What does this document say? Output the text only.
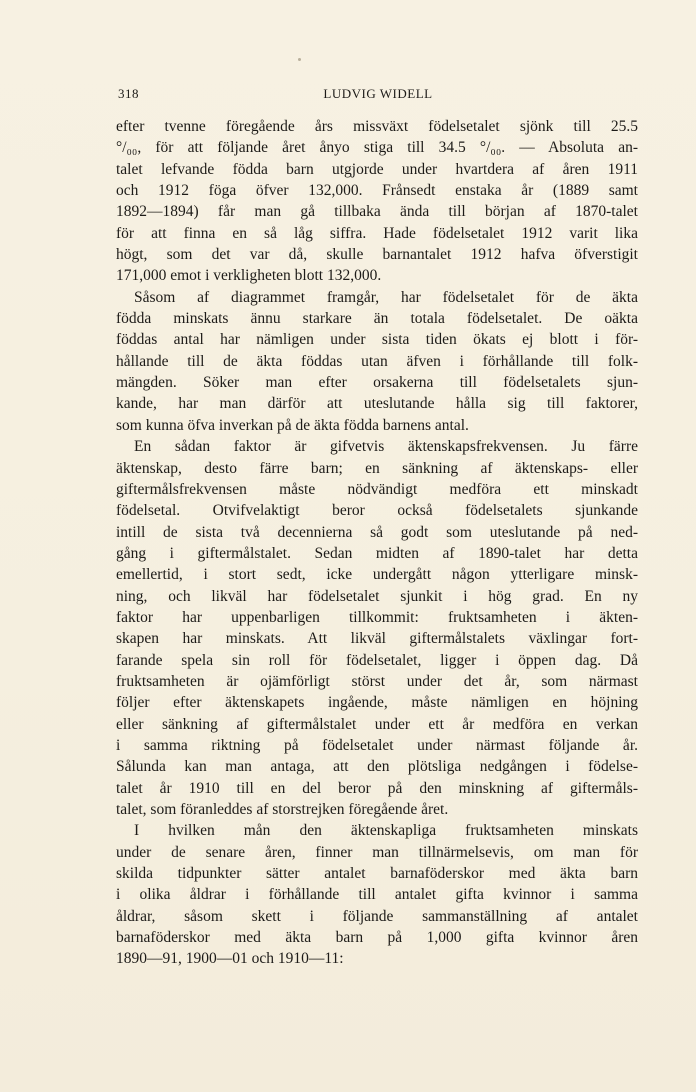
318	LUDVIG WIDELL
efter tvenne föregående års missväxt födelsetalet sjönk till 25.5
°/₀₀, för att följande året ånyo stiga till 34.5 °/₀₀. — Absoluta an-
talet lefvande födda barn utgjorde under hvartdera af åren 1911
och 1912 föga öfver 132,000. Frånsedt enstaka år (1889 samt
1892—1894) får man gå tillbaka ända till början af 1870-talet
för att finna en så låg siffra. Hade födelsetalet 1912 varit lika
högt, som det var då, skulle barnantalet 1912 hafva öfverstigit
171,000 emot i verkligheten blott 132,000.
Såsom af diagrammet framgår, har födelsetalet för de äkta
födda minskats ännu starkare än totala födelsetalet. De oäkta
föddas antal har nämligen under sista tiden ökats ej blott i för-
hållande till de äkta föddas utan äfven i förhållande till folk-
mängden. Söker man efter orsakerna till födelsetalets sjun-
kande, har man därför att uteslutande hålla sig till faktorer,
som kunna öfva inverkan på de äkta födda barnens antal.
En sådan faktor är gifvetvis äktenskapsfrekvensen. Ju färre
äktenskap, desto färre barn; en sänkning af äktenskaps- eller
giftermålsfrekvensen måste nödvändigt medföra ett minskadt
födelsetal. Otvifvelaktigt beror också födelsetalets sjunkande
intill de sista två decennierna så godt som uteslutande på ned-
gång i giftermålstalet. Sedan midten af 1890-talet har detta
emellertid, i stort sedt, icke undergått någon ytterligare minsk-
ning, och likväl har födelsetalet sjunkit i hög grad. En ny
faktor har uppenbarligen tillkommit: fruktsamheten i äkten-
skapen har minskats. Att likväl giftermålstalets växlingar fort-
farande spela sin roll för födelsetalet, ligger i öppen dag. Då
fruktsamheten är ojämförligt störst under det år, som närmast
följer efter äktenskapets ingående, måste nämligen en höjning
eller sänkning af giftermålstalet under ett år medföra en verkan
i samma riktning på födelsetalet under närmast följande år.
Sålunda kan man antaga, att den plötsliga nedgången i födelse-
talet år 1910 till en del beror på den minskning af giftermåls-
talet, som föranleddes af storstrejken föregående året.
I hvilken mån den äktenskapliga fruktsamheten minskats
under de senare åren, finner man tillnärmelsevis, om man för
skilda tidpunkter sätter antalet barnaföderskor med äkta barn
i olika åldrar i förhållande till antalet gifta kvinnor i samma
åldrar, såsom skett i följande sammanställning af antalet
barnaföderskor med äkta barn på 1,000 gifta kvinnor åren
1890—91, 1900—01 och 1910—11:
